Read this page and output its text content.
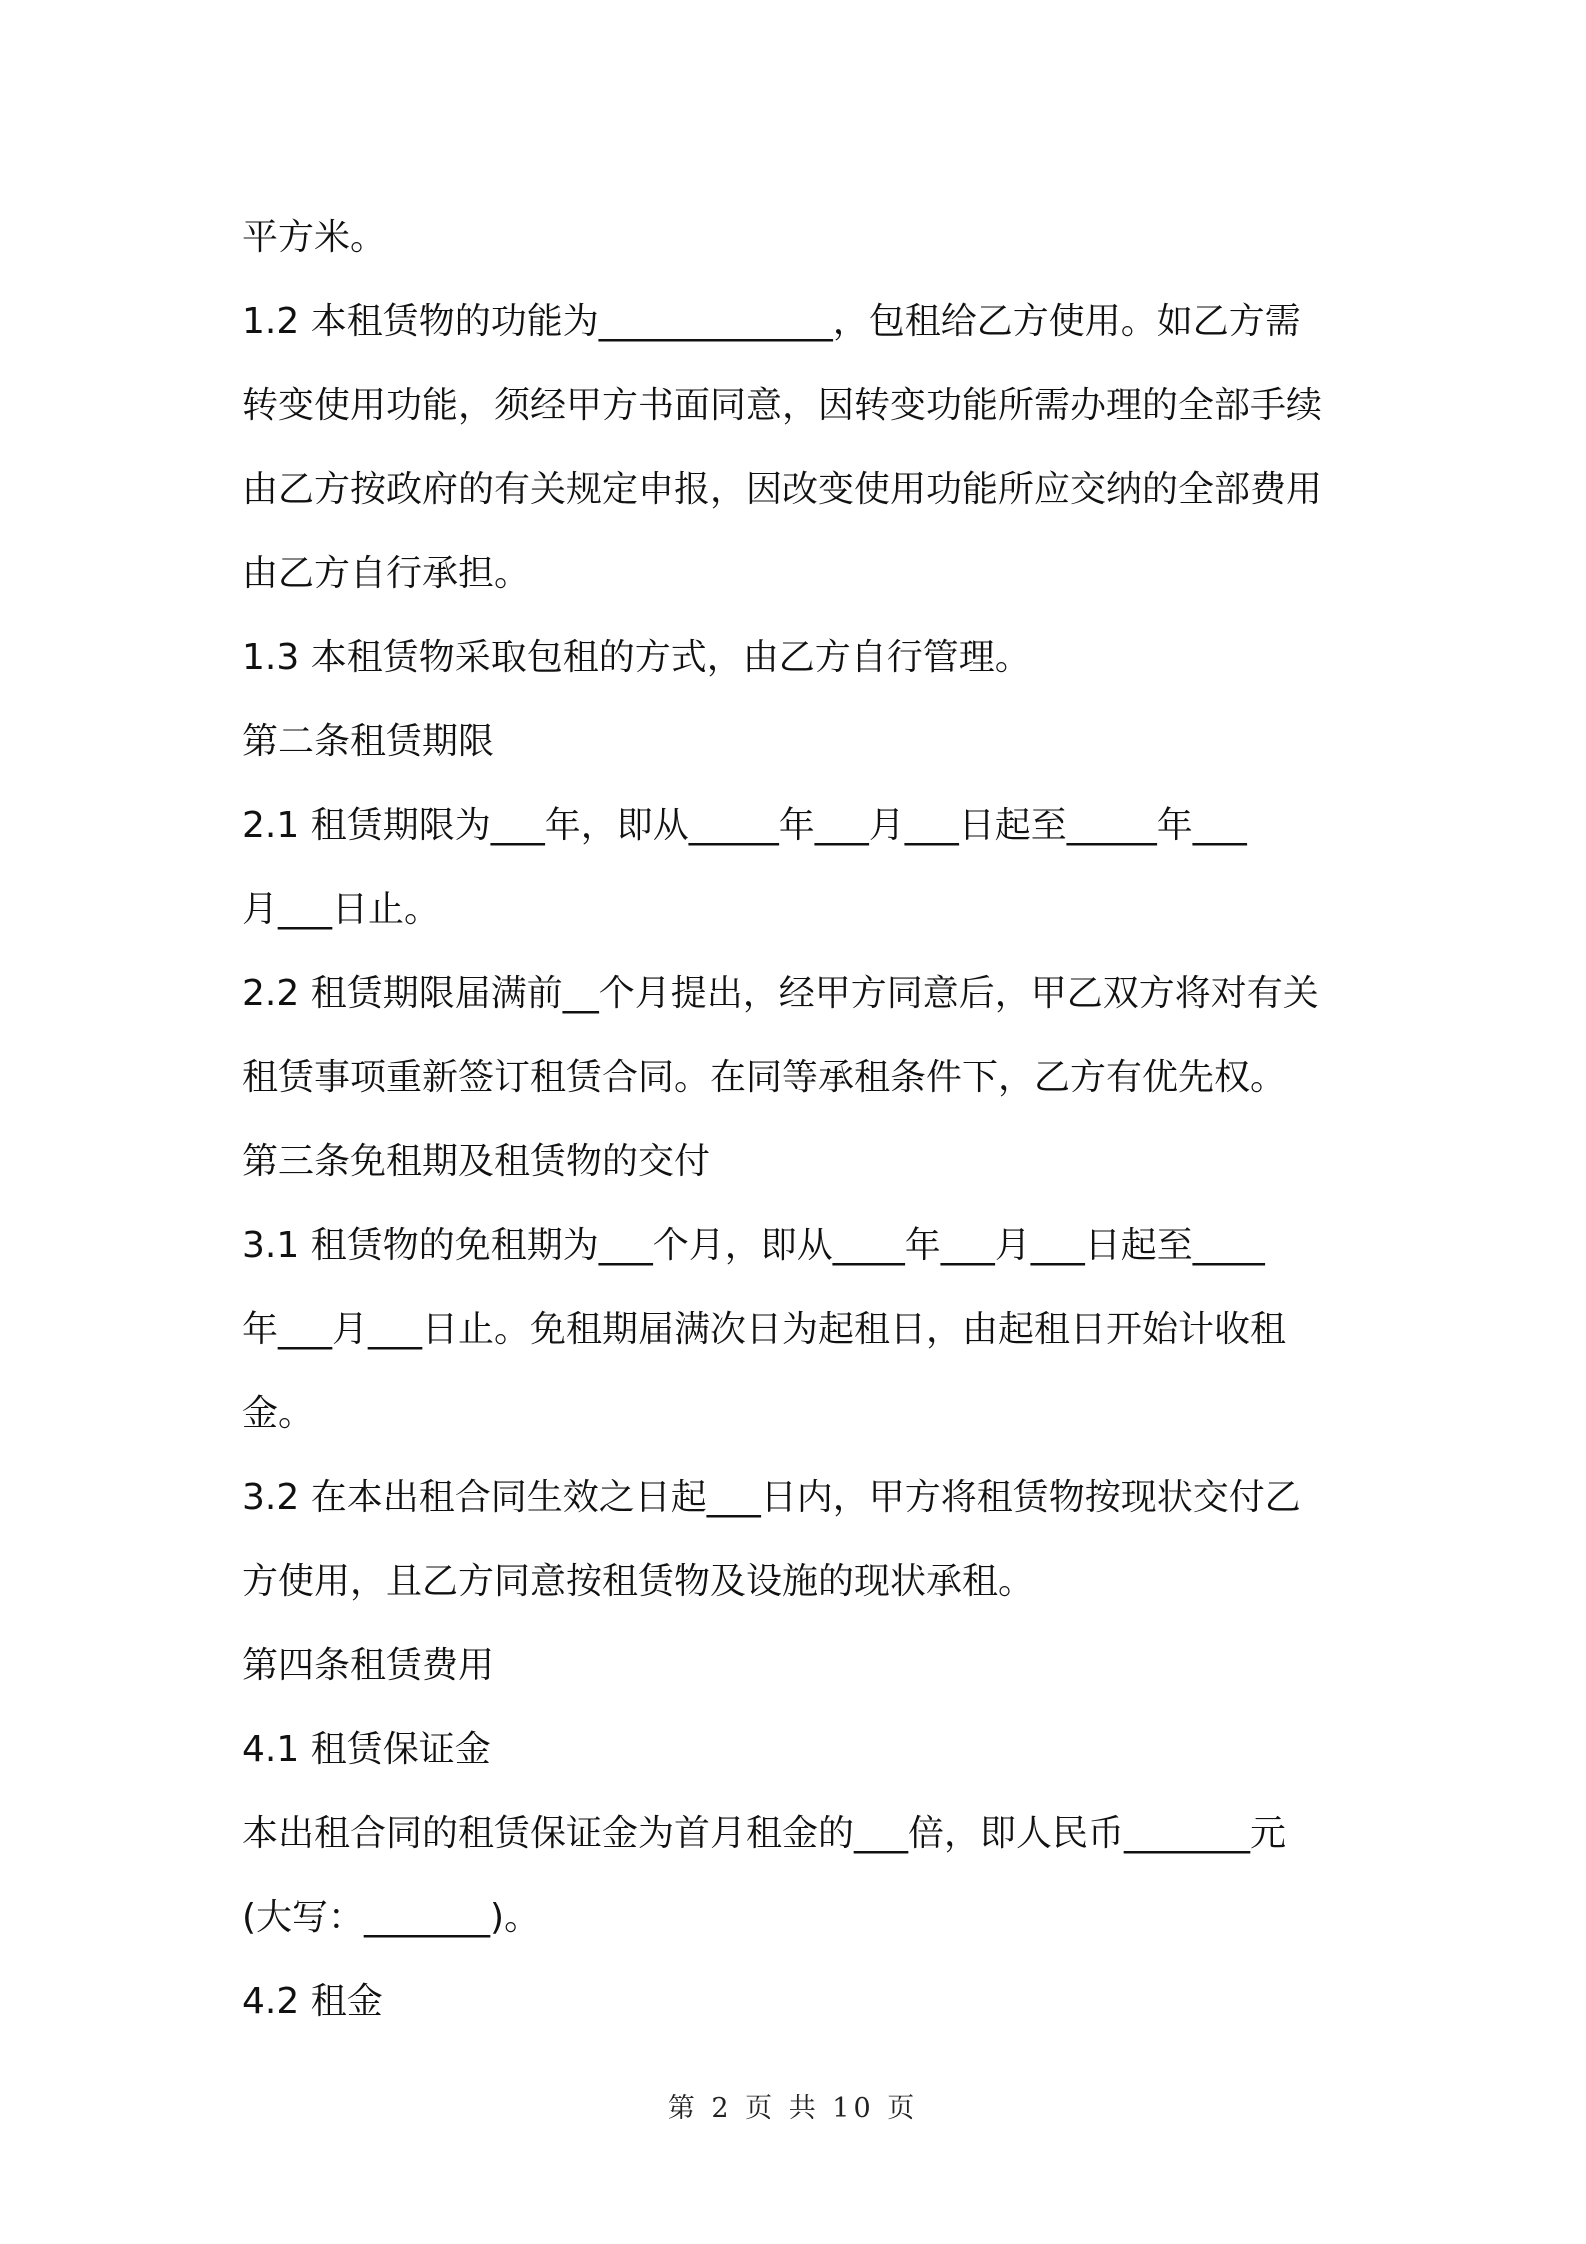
平方米。
1.2 本租赁物的功能为_____________，包租给乙方使用。如乙方需
转变使用功能，须经甲方书面同意，因转变功能所需办理的全部手续
由乙方按政府的有关规定申报，因改变使用功能所应交纳的全部费用
由乙方自行承担。
1.3 本租赁物采取包租的方式，由乙方自行管理。
第二条租赁期限
2.1 租赁期限为___年，即从_____年___月___日起至_____年___
月___日止。
2.2 租赁期限届满前__个月提出，经甲方同意后，甲乙双方将对有关
租赁事项重新签订租赁合同。在同等承租条件下，乙方有优先权。
第三条免租期及租赁物的交付
3.1 租赁物的免租期为___个月，即从____年___月___日起至____
年___月___日止。免租期届满次日为起租日，由起租日开始计收租
金。
3.2 在本出租合同生效之日起___日内，甲方将租赁物按现状交付乙
方使用，且乙方同意按租赁物及设施的现状承租。
第四条租赁费用
4.1 租赁保证金
本出租合同的租赁保证金为首月租金的___倍，即人民币_______元
(大写：_______)。
4.2 租金
第 2 页 共 10 页
